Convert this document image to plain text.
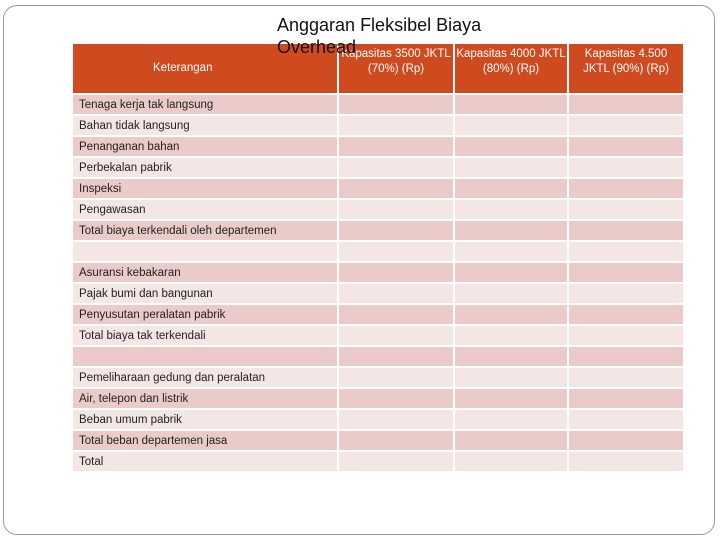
Anggaran Fleksibel Biaya Overhead
Keterangan	Kapasitas 3500 JKTL (70%) (Rp)	Kapasitas 4000 JKTL (80%) (Rp)	Kapasitas 4.500 JKTL (90%) (Rp)
Tenaga kerja tak langsung			
Bahan tidak langsung			
Penanganan bahan			
Perbekalan pabrik			
Inspeksi			
Pengawasan			
Total biaya terkendali oleh departemen			

Asuransi kebakaran			
Pajak bumi dan bangunan			
Penyusutan peralatan pabrik			
Total biaya tak terkendali			

Pemeliharaan gedung dan peralatan			
Air, telepon dan listrik			
Beban umum pabrik			
Total beban departemen jasa			
Total			
